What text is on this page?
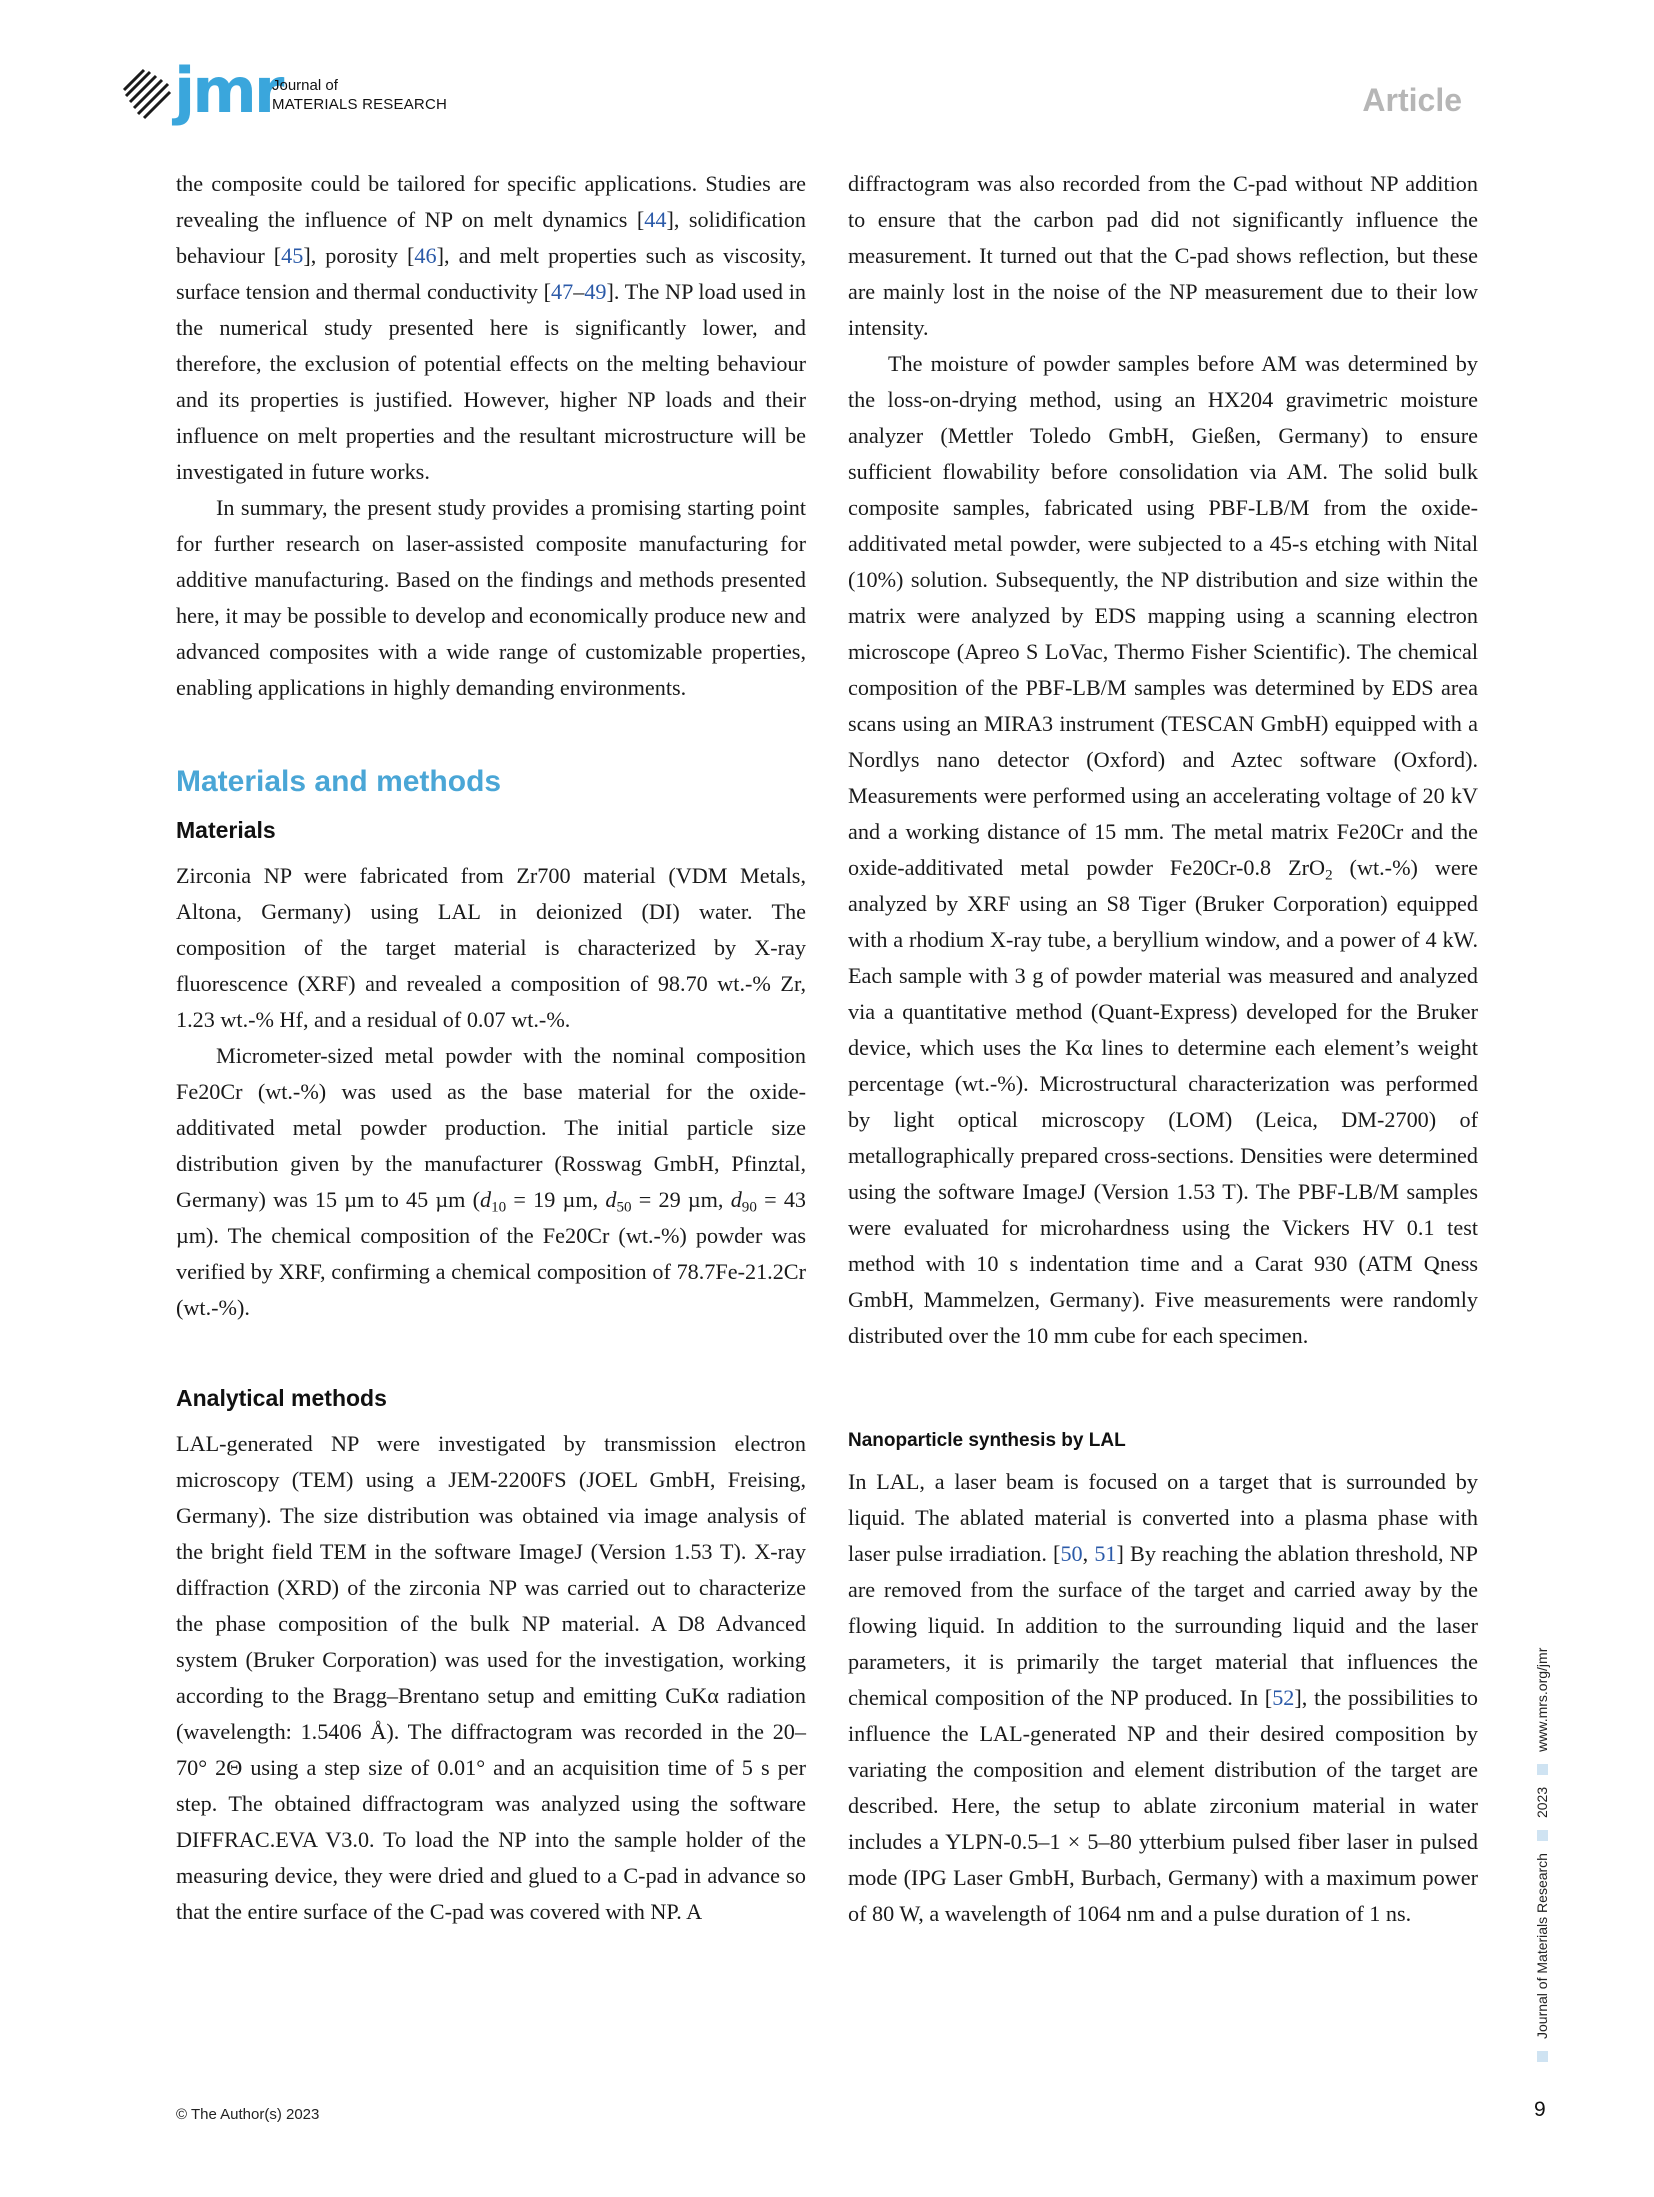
jmr
Journal of
MATERIALS RESEARCH	Article

the composite could be tailored for specific applications. Studies are revealing the influence of NP on melt dynamics [44], solidification behaviour [45], porosity [46], and melt properties such as viscosity, surface tension and thermal conductivity [47–49]. The NP load used in the numerical study presented here is significantly lower, and therefore, the exclusion of potential effects on the melting behaviour and its properties is justified. However, higher NP loads and their influence on melt properties and the resultant microstructure will be investigated in future works.

In summary, the present study provides a promising starting point for further research on laser-assisted composite manufacturing for additive manufacturing. Based on the findings and methods presented here, it may be possible to develop and economically produce new and advanced composites with a wide range of customizable properties, enabling applications in highly demanding environments.

Materials and methods
Materials

Zirconia NP were fabricated from Zr700 material (VDM Metals, Altona, Germany) using LAL in deionized (DI) water. The composition of the target material is characterized by X-ray fluorescence (XRF) and revealed a composition of 98.70 wt.-% Zr, 1.23 wt.-% Hf, and a residual of 0.07 wt.-%.

Micrometer-sized metal powder with the nominal composition Fe20Cr (wt.-%) was used as the base material for the oxide-additivated metal powder production. The initial particle size distribution given by the manufacturer (Rosswag GmbH, Pfinztal, Germany) was 15 µm to 45 µm ($d_{10} = 19$ µm, $d_{50} = 29$ µm, $d_{90} = 43$ µm). The chemical composition of the Fe20Cr (wt.-%) powder was verified by XRF, confirming a chemical composition of 78.7Fe-21.2Cr (wt.-%).

Analytical methods

LAL-generated NP were investigated by transmission electron microscopy (TEM) using a JEM-2200FS (JOEL GmbH, Freising, Germany). The size distribution was obtained via image analysis of the bright field TEM in the software ImageJ (Version 1.53 T). X-ray diffraction (XRD) of the zirconia NP was carried out to characterize the phase composition of the bulk NP material. A D8 Advanced system (Bruker Corporation) was used for the investigation, working according to the Bragg–Brentano setup and emitting CuKα radiation (wavelength: 1.5406 Å). The diffractogram was recorded in the 20–70° 2Θ using a step size of 0.01° and an acquisition time of 5 s per step. The obtained diffractogram was analyzed using the software DIFFRAC.EVA V3.0. To load the NP into the sample holder of the measuring device, they were dried and glued to a C-pad in advance so that the entire surface of the C-pad was covered with NP. A

diffractogram was also recorded from the C-pad without NP addition to ensure that the carbon pad did not significantly influence the measurement. It turned out that the C-pad shows reflection, but these are mainly lost in the noise of the NP measurement due to their low intensity.

The moisture of powder samples before AM was determined by the loss-on-drying method, using an HX204 gravimetric moisture analyzer (Mettler Toledo GmbH, Gießen, Germany) to ensure sufficient flowability before consolidation via AM. The solid bulk composite samples, fabricated using PBF-LB/M from the oxide-additivated metal powder, were subjected to a 45-s etching with Nital (10%) solution. Subsequently, the NP distribution and size within the matrix were analyzed by EDS mapping using a scanning electron microscope (Apreo S LoVac, Thermo Fisher Scientific). The chemical composition of the PBF-LB/M samples was determined by EDS area scans using an MIRA3 instrument (TESCAN GmbH) equipped with a Nordlys nano detector (Oxford) and Aztec software (Oxford). Measurements were performed using an accelerating voltage of 20 kV and a working distance of 15 mm. The metal matrix Fe20Cr and the oxide-additivated metal powder Fe20Cr-0.8 ZrO$_2$ (wt.-%) were analyzed by XRF using an S8 Tiger (Bruker Corporation) equipped with a rhodium X-ray tube, a beryllium window, and a power of 4 kW. Each sample with 3 g of powder material was measured and analyzed via a quantitative method (Quant-Express) developed for the Bruker device, which uses the Kα lines to determine each element’s weight percentage (wt.-%). Microstructural characterization was performed by light optical microscopy (LOM) (Leica, DM-2700) of metallographically prepared cross-sections. Densities were determined using the software ImageJ (Version 1.53 T). The PBF-LB/M samples were evaluated for microhardness using the Vickers HV 0.1 test method with 10 s indentation time and a Carat 930 (ATM Qness GmbH, Mammelzen, Germany). Five measurements were randomly distributed over the 10 mm cube for each specimen.

Nanoparticle synthesis by LAL

In LAL, a laser beam is focused on a target that is surrounded by liquid. The ablated material is converted into a plasma phase with laser pulse irradiation. [50, 51] By reaching the ablation threshold, NP are removed from the surface of the target and carried away by the flowing liquid. In addition to the surrounding liquid and the laser parameters, it is primarily the target material that influences the chemical composition of the NP produced. In [52], the possibilities to influence the LAL-generated NP and their desired composition by variating the composition and element distribution of the target are described. Here, the setup to ablate zirconium material in water includes a YLPN-0.5–1 × 5–80 ytterbium pulsed fiber laser in pulsed mode (IPG Laser GmbH, Burbach, Germany) with a maximum power of 80 W, a wavelength of 1064 nm and a pulse duration of 1 ns.	Journal of Materials Research
2023
www.mrs.org/jmr
© The Author(s) 2023	9
